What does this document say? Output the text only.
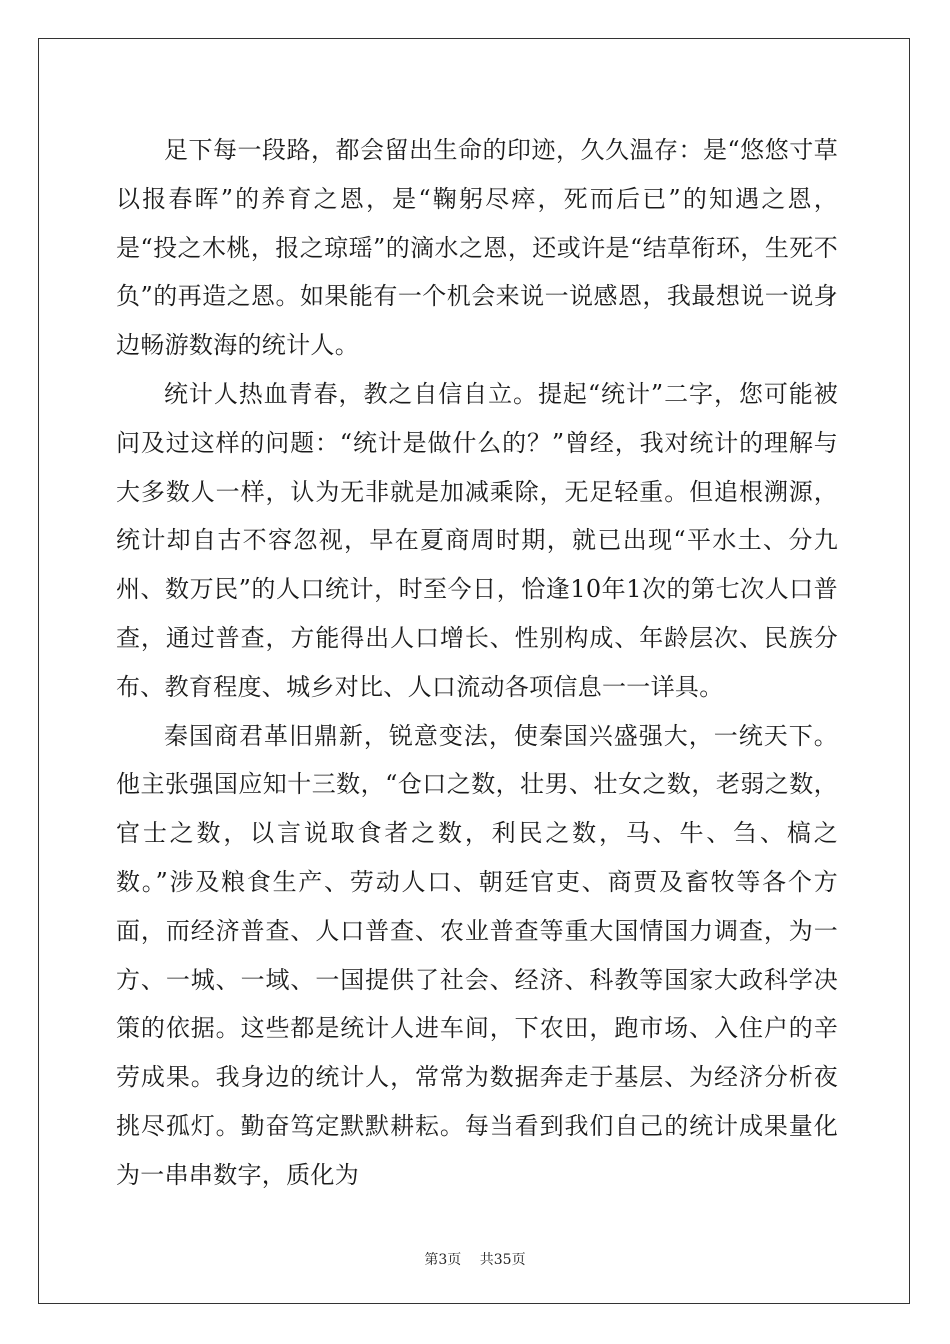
足下每一段路，都会留出生命的印迹，久久温存：是“悠悠寸草以报春晖”的养育之恩，是“鞠躬尽瘁，死而后已”的知遇之恩，是“投之木桃，报之琼瑶”的滴水之恩，还或许是“结草衔环，生死不负”的再造之恩。如果能有一个机会来说一说感恩，我最想说一说身边畅游数海的统计人。

统计人热血青春，教之自信自立。提起“统计”二字，您可能被问及过这样的问题：“统计是做什么的？”曾经，我对统计的理解与大多数人一样，认为无非就是加减乘除，无足轻重。但追根溯源，统计却自古不容忽视，早在夏商周时期，就已出现“平水土、分九州、数万民”的人口统计，时至今日，恰逢10年1次的第七次人口普查，通过普查，方能得出人口增长、性别构成、年龄层次、民族分布、教育程度、城乡对比、人口流动各项信息一一详具。

秦国商君革旧鼎新，锐意变法，使秦国兴盛强大，一统天下。他主张强国应知十三数，“仓口之数，壮男、壮女之数，老弱之数，官士之数，以言说取食者之数，利民之数，马、牛、刍、槁之数。”涉及粮食生产、劳动人口、朝廷官吏、商贾及畜牧等各个方面，而经济普查、人口普查、农业普查等重大国情国力调查，为一方、一城、一域、一国提供了社会、经济、科教等国家大政科学决策的依据。这些都是统计人进车间，下农田，跑市场、入住户的辛劳成果。我身边的统计人，常常为数据奔走于基层、为经济分析夜挑尽孤灯。勤奋笃定默默耕耘。每当看到我们自己的统计成果量化为一串串数字，质化为

第3页 共35页
